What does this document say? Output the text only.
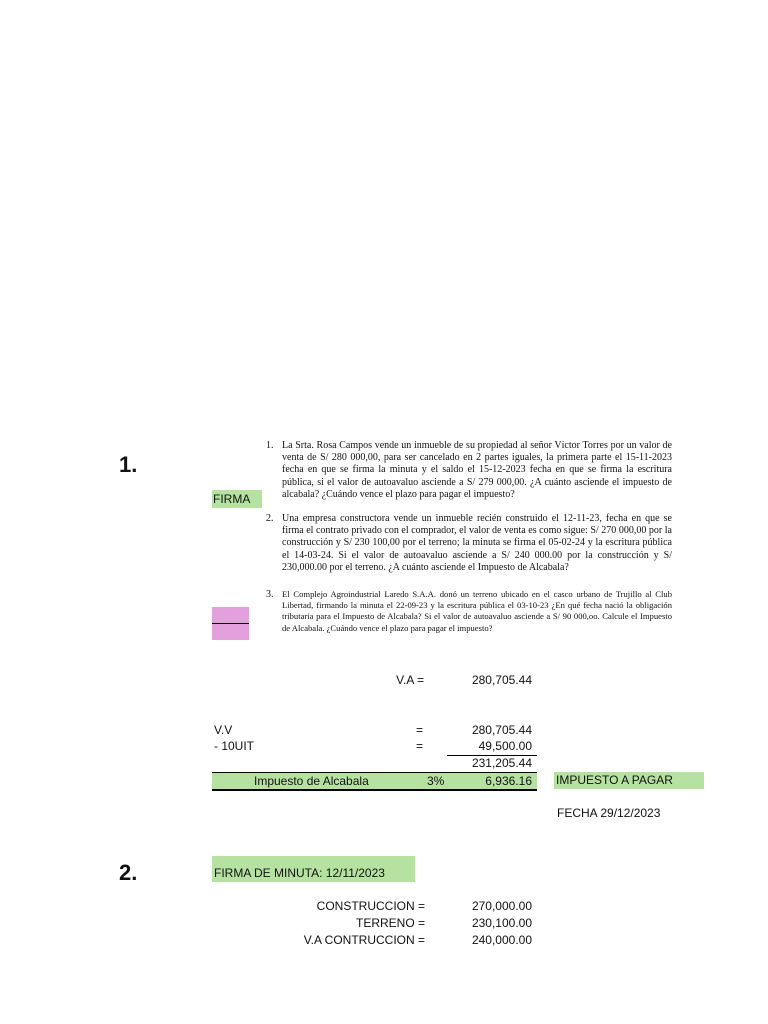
1.
FIRMA
1. La Srta. Rosa Campos vende un inmueble de su propiedad al señor Víctor Torres por un valor de venta de S/ 280 000,00, para ser cancelado en 2 partes iguales, la primera parte el 15-11-2023 fecha en que se firma la minuta y el saldo el 15-12-2023 fecha en que se firma la escritura pública, si el valor de autoavaluo asciende a S/ 279 000,00. ¿A cuánto asciende el impuesto de alcabala? ¿Cuándo vence el plazo para pagar el impuesto?
2. Una empresa constructora vende un inmueble recién construido el 12-11-23, fecha en que se firma el contrato privado con el comprador, el valor de venta es como sigue: S/ 270 000,00 por la construcción y S/ 230 100,00 por el terreno; la minuta se firma el 05-02-24 y la escritura pública el 14-03-24. Si el valor de autoavaluo asciende a S/ 240 000.00 por la construcción y S/ 230,000.00 por el terreno. ¿A cuánto asciende el Impuesto de Alcabala?
3. El Complejo Agroindustrial Laredo S.A.A. donó un terreno ubicado en el casco urbano de Trujillo al Club Libertad, firmando la minuta el 22-09-23 y la escritura pública el 03-10-23 ¿En qué fecha nació la obligación tributaria para el Impuesto de Alcabala? Si el valor de autoavaluo asciende a S/ 90 000,oo. Calcule el Impuesto de Alcabala. ¿Cuándo vence el plazo para pagar el impuesto?
V.A =	280,705.44
V.V	=	280,705.44
- 10UIT	=	49,500.00
231,205.44
Impuesto de Alcabala	3%	6,936.16 IMPUESTO A PAGAR
FECHA 29/12/2023
2.	FIRMA DE MINUTA: 12/11/2023
CONSTRUCCION =	270,000.00
TERRENO =	230,100.00
V.A CONTRUCCION =	240,000.00
